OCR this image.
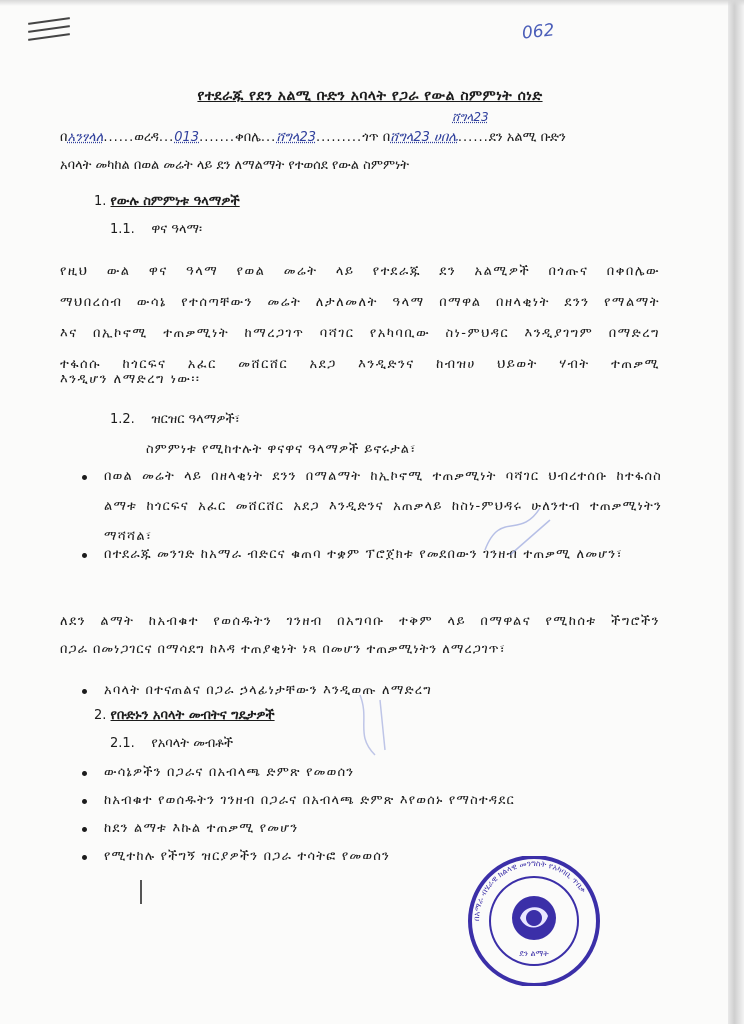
062
የተደራጁ የደን አልሚ ቡድን አባላት የጋራ የውል ስምምነት ሰነድ
በአንፃላለ......ወረዳ...013.......ቀበሌ...ሸግላ23.........ጎጥ በሸግላ23 ሀበሌ......ደን አልሚ ቡድን
ሸግላ23
አባላት መካከል በወል መሬት ላይ ደን ለማልማት የተወሰደ የውል ስምምነት
1. የውሉ ስምምነቱ ዓላማዎች
1.1. ዋና ዓላማ፡
የዚህ ውል ዋና ዓላማ የወል መሬት ላይ የተደራጁ ደን አልሚዎች በጎጡና በቀበሌው
ማህበረሰብ ውሳኔ የተሰጣቸውን መሬት ለታለመለት ዓላማ በማዋል በዘላቂነት ደንን የማልማት
እና በኢኮኖሚ ተጠቃሚነት ከማረጋገጥ ባሻገር የአካባቢው ስነ-ምህዳር እንዲያገግም በማድረግ
ተፋሰሱ ከጎርፍና አፈር መሸርሸር አደጋ እንዲድንና ከብዝሀ ህይወት ሃብት ተጠቃሚ
እንዲሆን ለማድረግ ነው፡፡
1.2. ዝርዝር ዓላማዎች፣
ስምምነቱ የሚከተሉት ዋናዋና ዓላማዎች ይኖሩታል፣
በወል መሬት ላይ በዘላቂነት ደንን በማልማት ከኢኮኖሚ ተጠቃሚነት ባሻገር ህብረተሰቡ ከተፋሰስ ልማቱ ከጎርፍና አፈር መሸርሸር አደጋ እንዲድንና አጠቃላይ ከስነ-ምህዳሩ ሁለንተብ ተጠቃሚነትን ማሻሻል፣
በተደራጁ መንገድ ከአማራ ብድርና ቁጠባ ተቋም ፕሮጀክቱ የመደበውን ገንዘብ ተጠቃሚ ለመሆን፣
ለደን ልማት ከአብቁተ የወሰዱትን ገንዘብ በአግባቡ ተቅም ላይ በማዋልና የሚከሰቱ ችግሮችን
በጋራ በመነጋገርና በማሳደግ ከእዳ ተጠያቂነት ነጻ በመሆን ተጠቃሚነትን ለማረጋገጥ፣
አባላት በተናጠልና በጋራ ኃላፊነታቸውን እንዲወጡ ለማድረግ
2. የቡድኑን አባላት መብትና ግዴታዎች
2.1. የአባላት መብቶች
ውሳኔዎችን በጋራና በአብላጫ ድምጽ የመወሰን
ከአብቁተ የወሰዱትን ገንዘብ በጋራና በአብላጫ ድምጽ እየወሰኑ የማስተዳደር
ከደን ልማቱ እኩል ተጠቃሚ የመሆን
የሚተከሉ የችግኝ ዝርያዎችን በጋራ ተሳትፎ የመወሰን
በአማራ ብሄራዊ ክልላዊ መንግስት የአካባቢ ጥበቃ
ደን ልማት
